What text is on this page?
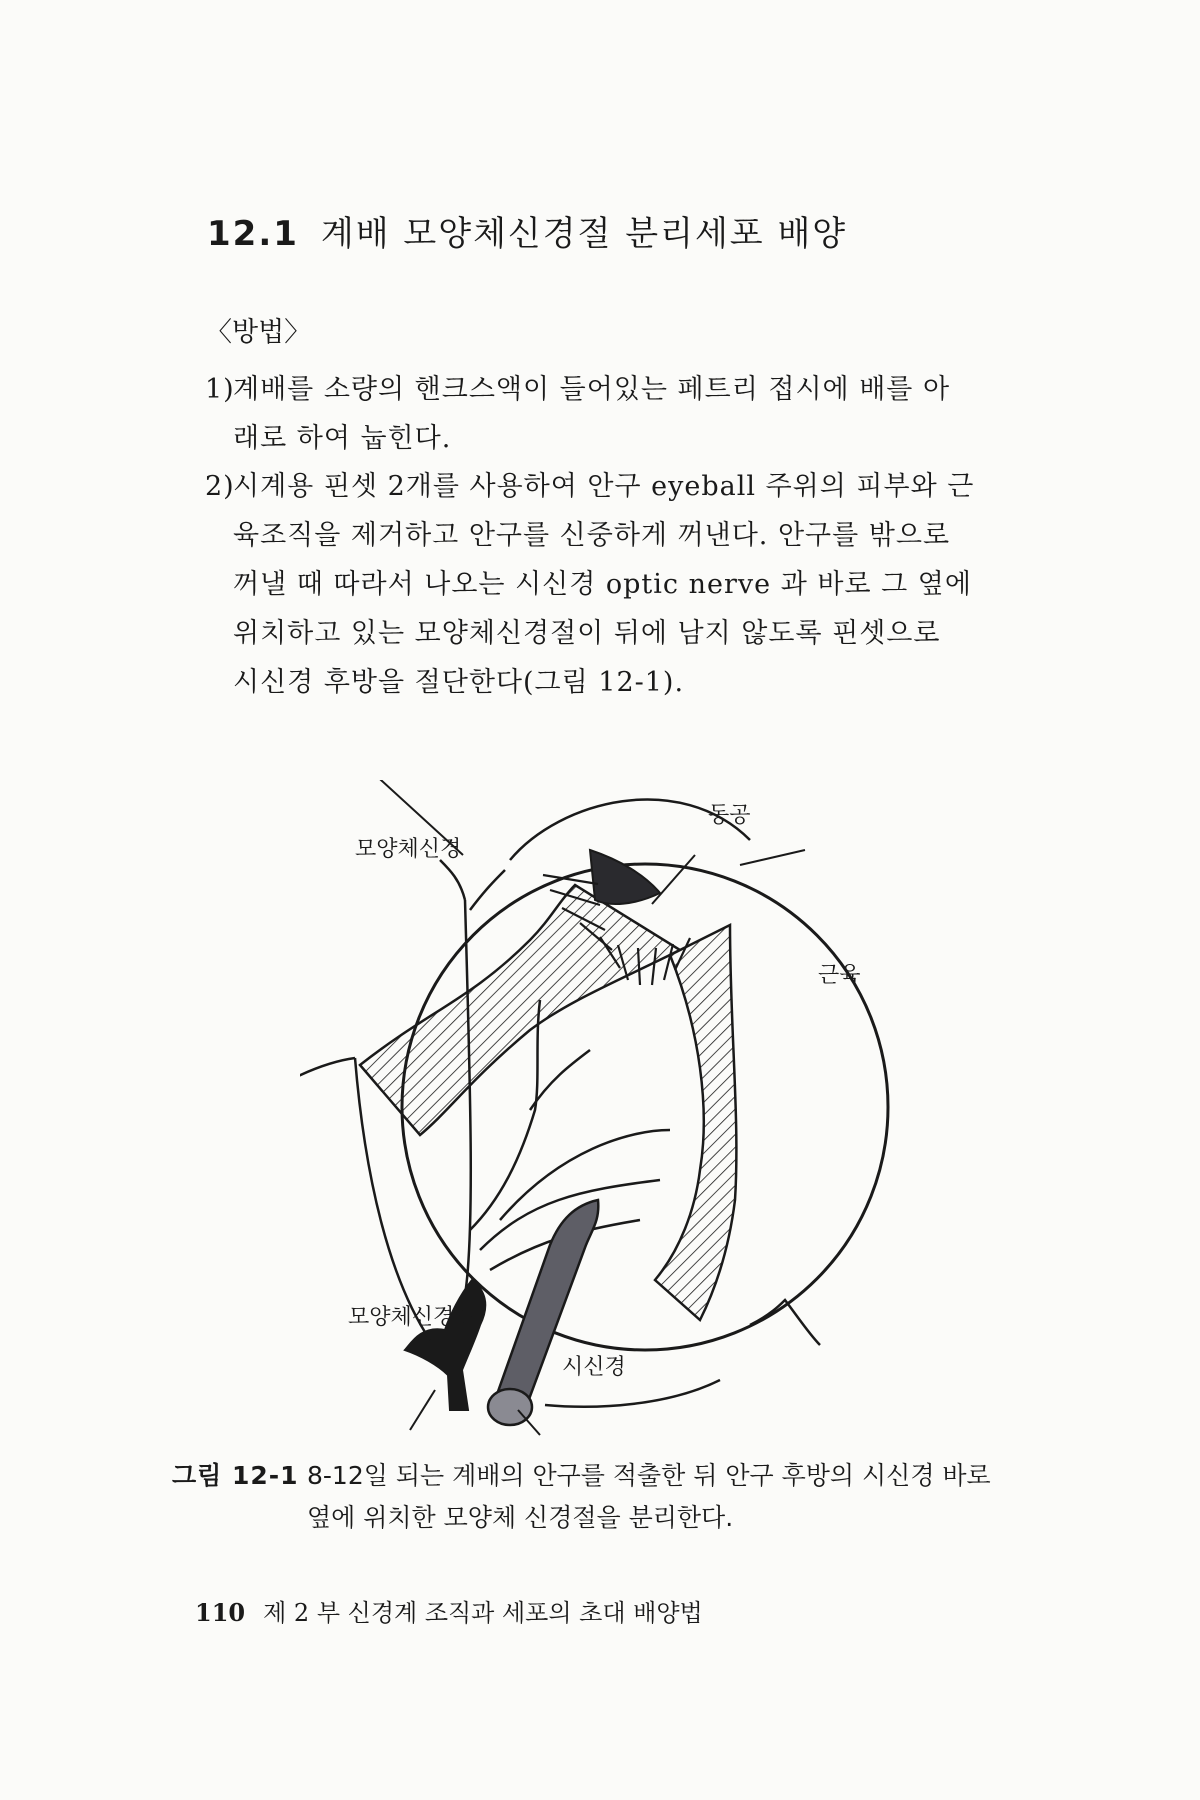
12.1 계배 모양체신경절 분리세포 배양
〈방법〉
1)계배를 소량의 핸크스액이 들어있는 페트리 접시에 배를 아
래로 하여 눕힌다.
2)시계용 핀셋 2개를 사용하여 안구 eyeball 주위의 피부와 근
육조직을 제거하고 안구를 신중하게 꺼낸다. 안구를 밖으로
꺼낼 때 따라서 나오는 시신경 optic nerve 과 바로 그 옆에
위치하고 있는 모양체신경절이 뒤에 남지 않도록 핀셋으로
시신경 후방을 절단한다(그림 12-1).
동공
모양체신경
근육
모양체신경절
시신경
그림 12-1 8-12일 되는 계배의 안구를 적출한 뒤 안구 후방의 시신경 바로
옆에 위치한 모양체 신경절을 분리한다.
110 제 2 부 신경계 조직과 세포의 초대 배양법
